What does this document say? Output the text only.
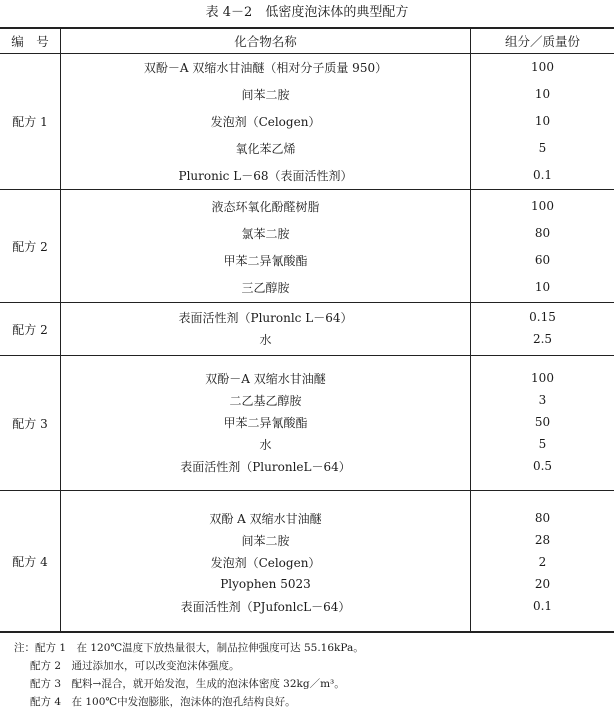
表 4－2　低密度泡沫体的典型配方
编　号	化合物名称	组分／质量份
配方 1
双酚－A 双缩水甘油醚（相对分子质量 950）	100
间苯二胺	10
发泡剂（Celogen）	10
氧化苯乙烯	5
Pluronic L－68（表面活性剂）	0.1
配方 2
液态环氧化酚醛树脂	100
氯苯二胺	80
甲苯二异氰酸酯	60
三乙醇胺	10
配方 2
表面活性剂（Pluronlc L－64）	0.15
水	2.5
配方 3
双酚－A 双缩水甘油醚	100
二乙基乙醇胺	3
甲苯二异氰酸酯	50
水	5
表面活性剂（PluronleL－64）	0.5
配方 4
双酚 A 双缩水甘油醚	80
间苯二胺	28
发泡剂（Celogen）	2
Plyophen 5023	20
表面活性剂（PJufonlcL－64）	0.1
注：配方 1　在 120℃温度下放热量很大，制品拉伸强度可达 55.16kPa。
配方 2　通过添加水，可以改变泡沫体强度。
配方 3　配料→混合，就开始发泡，生成的泡沫体密度 32kg／m³。
配方 4　在 100℃中发泡膨胀，泡沫体的泡孔结构良好。
